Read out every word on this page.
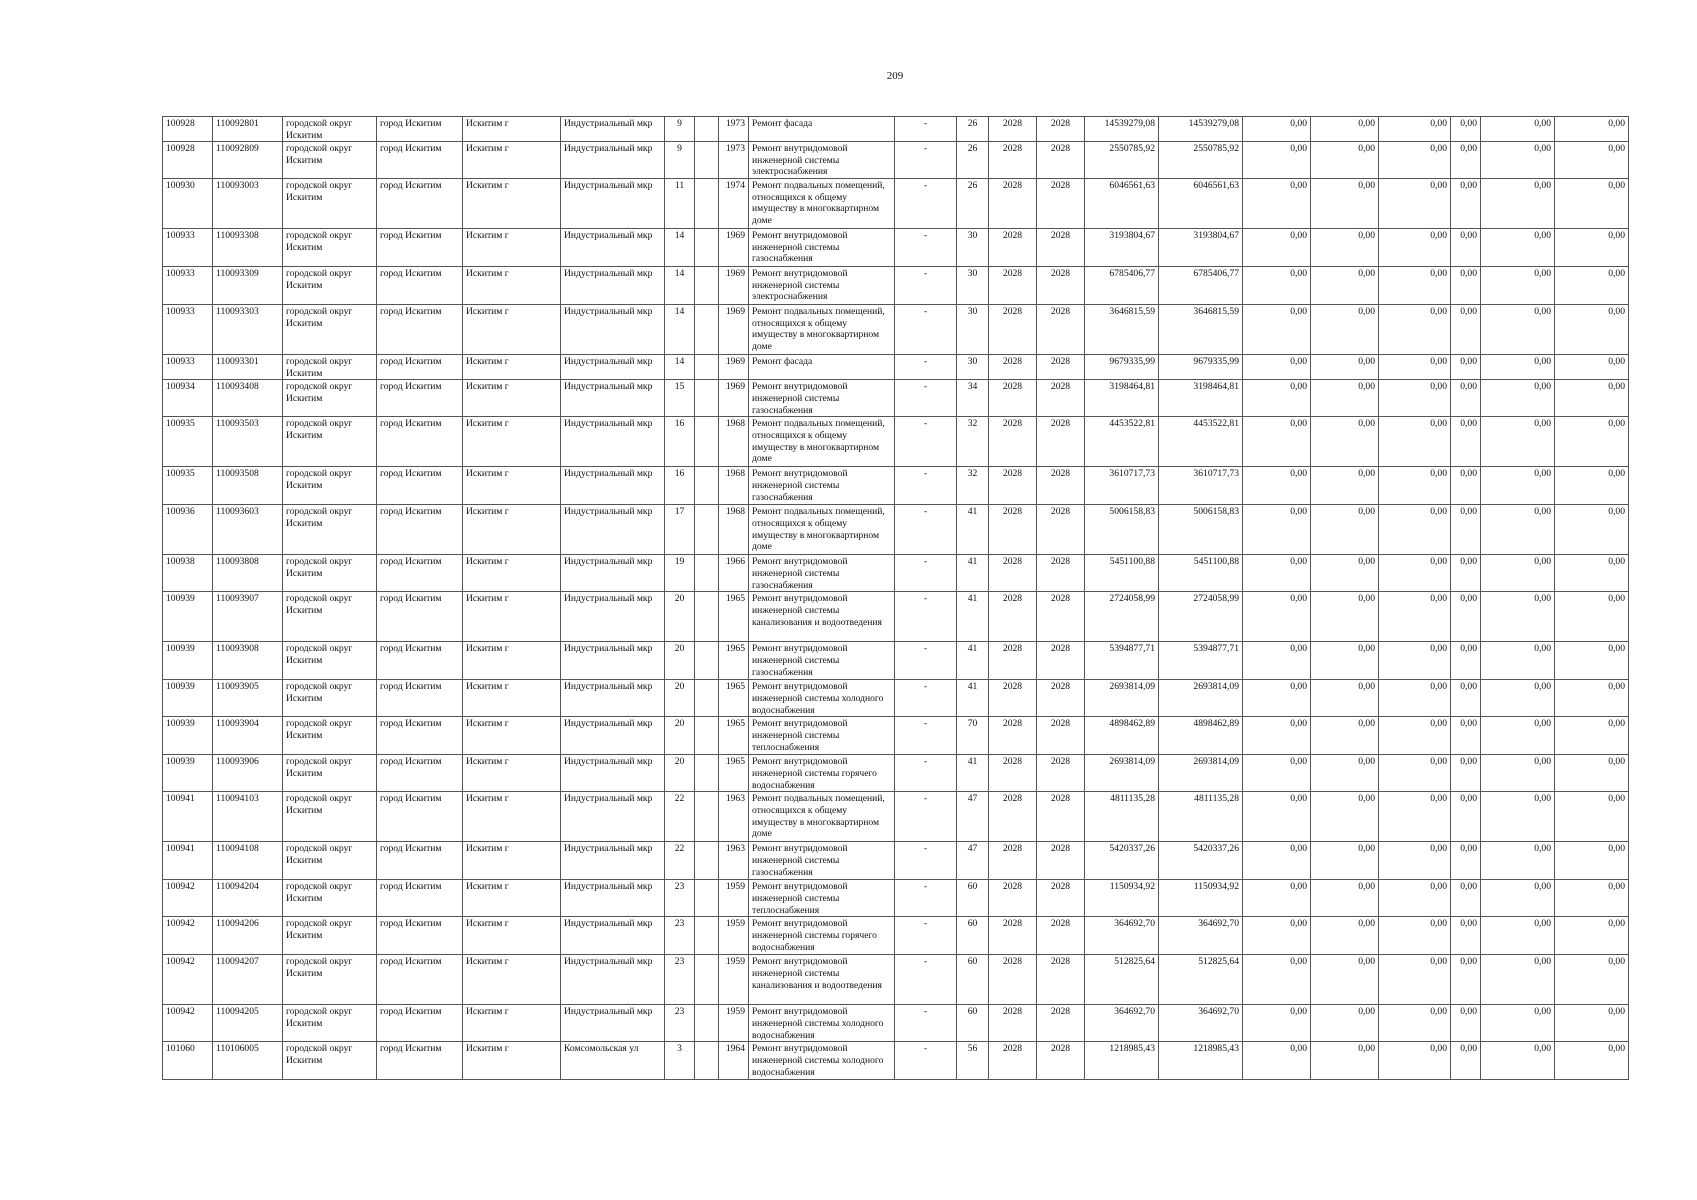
209
100928	110092801	городской округ Искитим	город Искитим	Искитим г	Индустриальный мкр	9		1973	Ремонт фасада	-	26	2028	2028	14539279,08	14539279,08	0,00	0,00	0,00	0,00	0,00	0,00
100928	110092809	городской округ Искитим	город Искитим	Искитим г	Индустриальный мкр	9		1973	Ремонт внутридомовой инженерной системы электроснабжения	-	26	2028	2028	2550785,92	2550785,92	0,00	0,00	0,00	0,00	0,00	0,00
100930	110093003	городской округ Искитим	город Искитим	Искитим г	Индустриальный мкр	11		1974	Ремонт подвальных помещений, относящихся к общему имуществу в многоквартирном доме	-	26	2028	2028	6046561,63	6046561,63	0,00	0,00	0,00	0,00	0,00	0,00
100933	110093308	городской округ Искитим	город Искитим	Искитим г	Индустриальный мкр	14		1969	Ремонт внутридомовой инженерной системы газоснабжения	-	30	2028	2028	3193804,67	3193804,67	0,00	0,00	0,00	0,00	0,00	0,00
100933	110093309	городской округ Искитим	город Искитим	Искитим г	Индустриальный мкр	14		1969	Ремонт внутридомовой инженерной системы электроснабжения	-	30	2028	2028	6785406,77	6785406,77	0,00	0,00	0,00	0,00	0,00	0,00
100933	110093303	городской округ Искитим	город Искитим	Искитим г	Индустриальный мкр	14		1969	Ремонт подвальных помещений, относящихся к общему имуществу в многоквартирном доме	-	30	2028	2028	3646815,59	3646815,59	0,00	0,00	0,00	0,00	0,00	0,00
100933	110093301	городской округ Искитим	город Искитим	Искитим г	Индустриальный мкр	14		1969	Ремонт фасада	-	30	2028	2028	9679335,99	9679335,99	0,00	0,00	0,00	0,00	0,00	0,00
100934	110093408	городской округ Искитим	город Искитим	Искитим г	Индустриальный мкр	15		1969	Ремонт внутридомовой инженерной системы газоснабжения	-	34	2028	2028	3198464,81	3198464,81	0,00	0,00	0,00	0,00	0,00	0,00
100935	110093503	городской округ Искитим	город Искитим	Искитим г	Индустриальный мкр	16		1968	Ремонт подвальных помещений, относящихся к общему имуществу в многоквартирном доме	-	32	2028	2028	4453522,81	4453522,81	0,00	0,00	0,00	0,00	0,00	0,00
100935	110093508	городской округ Искитим	город Искитим	Искитим г	Индустриальный мкр	16		1968	Ремонт внутридомовой инженерной системы газоснабжения	-	32	2028	2028	3610717,73	3610717,73	0,00	0,00	0,00	0,00	0,00	0,00
100936	110093603	городской округ Искитим	город Искитим	Искитим г	Индустриальный мкр	17		1968	Ремонт подвальных помещений, относящихся к общему имуществу в многоквартирном доме	-	41	2028	2028	5006158,83	5006158,83	0,00	0,00	0,00	0,00	0,00	0,00
100938	110093808	городской округ Искитим	город Искитим	Искитим г	Индустриальный мкр	19		1966	Ремонт внутридомовой инженерной системы газоснабжения	-	41	2028	2028	5451100,88	5451100,88	0,00	0,00	0,00	0,00	0,00	0,00
100939	110093907	городской округ Искитим	город Искитим	Искитим г	Индустриальный мкр	20		1965	Ремонт внутридомовой инженерной системы канализования и водоотведения	-	41	2028	2028	2724058,99	2724058,99	0,00	0,00	0,00	0,00	0,00	0,00
100939	110093908	городской округ Искитим	город Искитим	Искитим г	Индустриальный мкр	20		1965	Ремонт внутридомовой инженерной системы газоснабжения	-	41	2028	2028	5394877,71	5394877,71	0,00	0,00	0,00	0,00	0,00	0,00
100939	110093905	городской округ Искитим	город Искитим	Искитим г	Индустриальный мкр	20		1965	Ремонт внутридомовой инженерной системы холодного водоснабжения	-	41	2028	2028	2693814,09	2693814,09	0,00	0,00	0,00	0,00	0,00	0,00
100939	110093904	городской округ Искитим	город Искитим	Искитим г	Индустриальный мкр	20		1965	Ремонт внутридомовой инженерной системы теплоснабжения	-	70	2028	2028	4898462,89	4898462,89	0,00	0,00	0,00	0,00	0,00	0,00
100939	110093906	городской округ Искитим	город Искитим	Искитим г	Индустриальный мкр	20		1965	Ремонт внутридомовой инженерной системы горячего водоснабжения	-	41	2028	2028	2693814,09	2693814,09	0,00	0,00	0,00	0,00	0,00	0,00
100941	110094103	городской округ Искитим	город Искитим	Искитим г	Индустриальный мкр	22		1963	Ремонт подвальных помещений, относящихся к общему имуществу в многоквартирном доме	-	47	2028	2028	4811135,28	4811135,28	0,00	0,00	0,00	0,00	0,00	0,00
100941	110094108	городской округ Искитим	город Искитим	Искитим г	Индустриальный мкр	22		1963	Ремонт внутридомовой инженерной системы газоснабжения	-	47	2028	2028	5420337,26	5420337,26	0,00	0,00	0,00	0,00	0,00	0,00
100942	110094204	городской округ Искитим	город Искитим	Искитим г	Индустриальный мкр	23		1959	Ремонт внутридомовой инженерной системы теплоснабжения	-	60	2028	2028	1150934,92	1150934,92	0,00	0,00	0,00	0,00	0,00	0,00
100942	110094206	городской округ Искитим	город Искитим	Искитим г	Индустриальный мкр	23		1959	Ремонт внутридомовой инженерной системы горячего водоснабжения	-	60	2028	2028	364692,70	364692,70	0,00	0,00	0,00	0,00	0,00	0,00
100942	110094207	городской округ Искитим	город Искитим	Искитим г	Индустриальный мкр	23		1959	Ремонт внутридомовой инженерной системы канализования и водоотведения	-	60	2028	2028	512825,64	512825,64	0,00	0,00	0,00	0,00	0,00	0,00
100942	110094205	городской округ Искитим	город Искитим	Искитим г	Индустриальный мкр	23		1959	Ремонт внутридомовой инженерной системы холодного водоснабжения	-	60	2028	2028	364692,70	364692,70	0,00	0,00	0,00	0,00	0,00	0,00
101060	110106005	городской округ Искитим	город Искитим	Искитим г	Комсомольская ул	3		1964	Ремонт внутридомовой инженерной системы холодного водоснабжения	-	56	2028	2028	1218985,43	1218985,43	0,00	0,00	0,00	0,00	0,00	0,00
